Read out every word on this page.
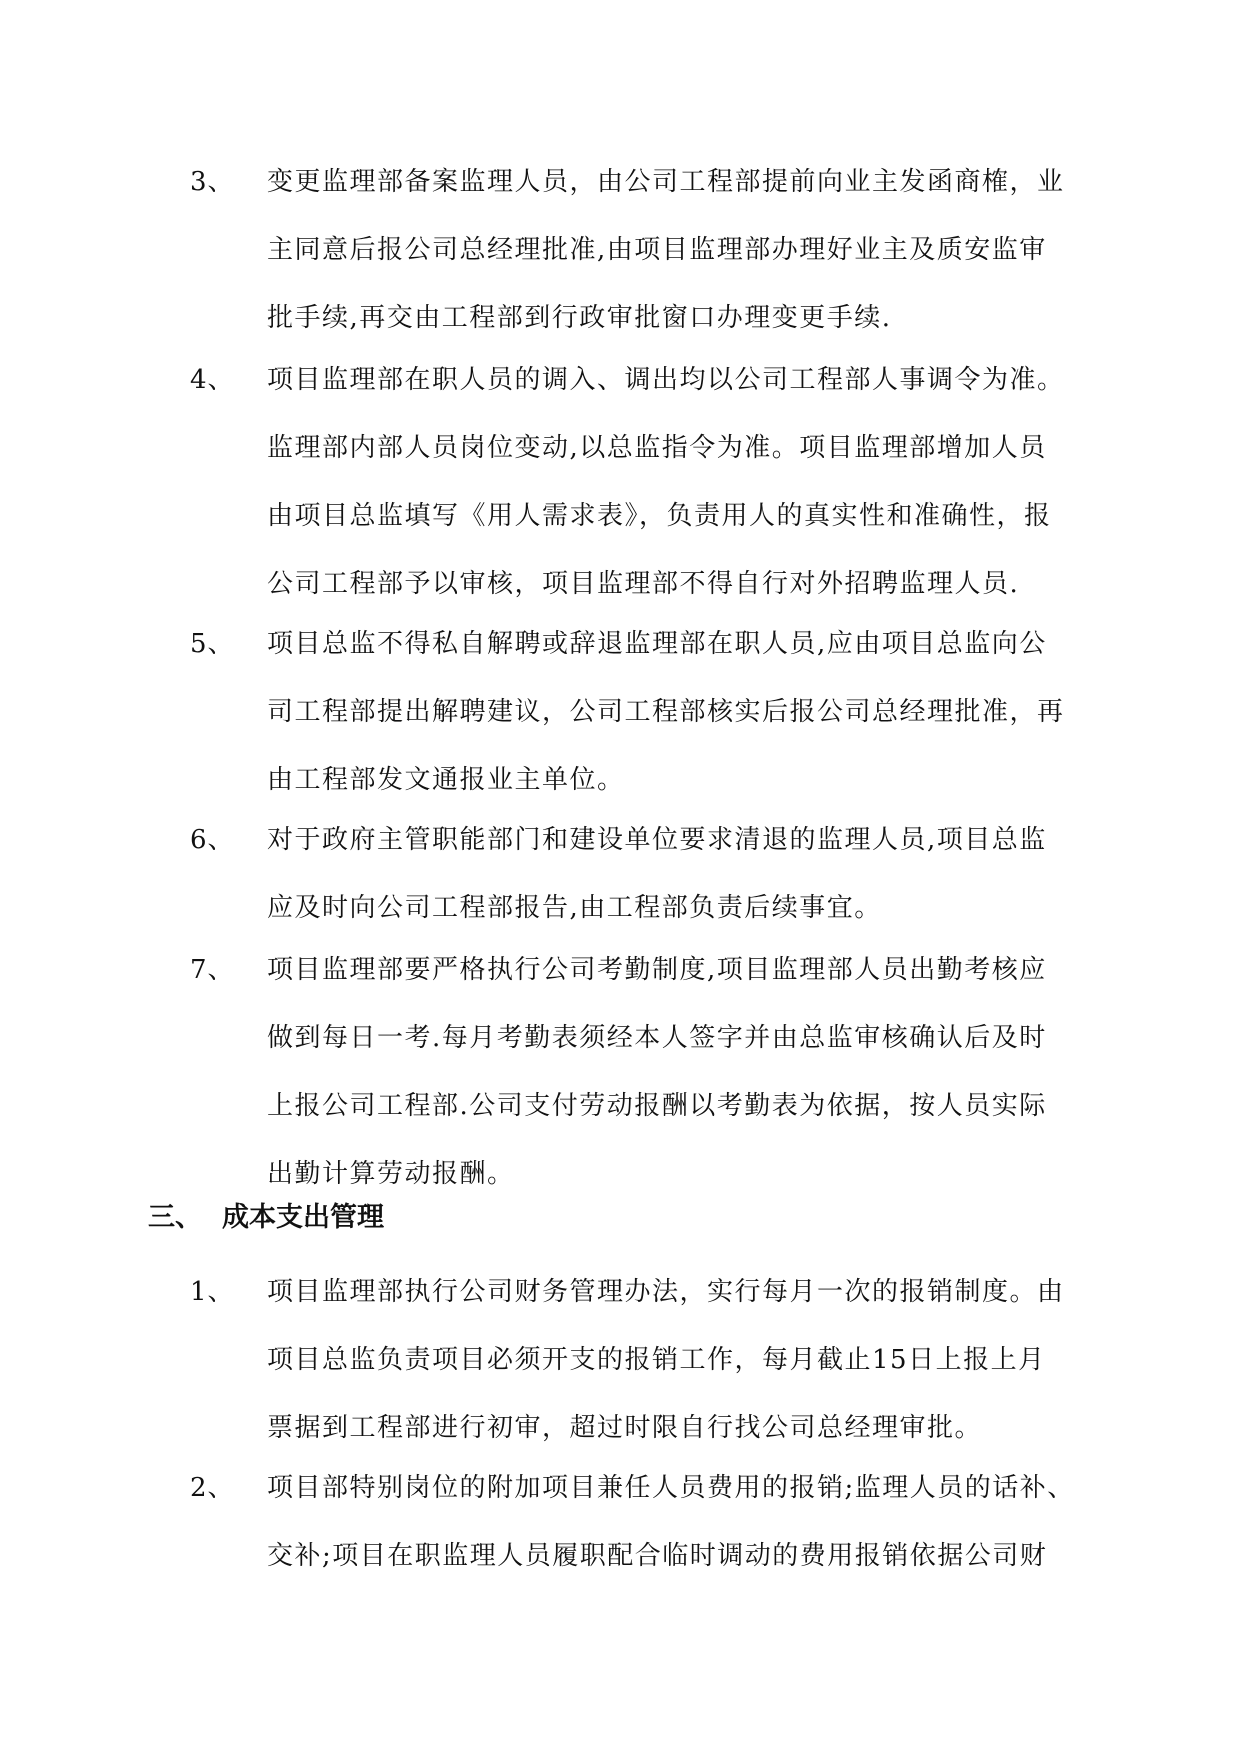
3、 变更监理部备案监理人员，由公司工程部提前向业主发函商榷，业
主同意后报公司总经理批准,由项目监理部办理好业主及质安监审
批手续,再交由工程部到行政审批窗口办理变更手续.
4、 项目监理部在职人员的调入、调出均以公司工程部人事调令为准。
监理部内部人员岗位变动,以总监指令为准。项目监理部增加人员
由项目总监填写《用人需求表》，负责用人的真实性和准确性，报
公司工程部予以审核，项目监理部不得自行对外招聘监理人员.
5、 项目总监不得私自解聘或辞退监理部在职人员,应由项目总监向公
司工程部提出解聘建议，公司工程部核实后报公司总经理批准，再
由工程部发文通报业主单位。
6、 对于政府主管职能部门和建设单位要求清退的监理人员,项目总监
应及时向公司工程部报告,由工程部负责后续事宜。
7、 项目监理部要严格执行公司考勤制度,项目监理部人员出勤考核应
做到每日一考.每月考勤表须经本人签字并由总监审核确认后及时
上报公司工程部.公司支付劳动报酬以考勤表为依据，按人员实际
出勤计算劳动报酬。
三、 成本支出管理
1、 项目监理部执行公司财务管理办法，实行每月一次的报销制度。由
项目总监负责项目必须开支的报销工作，每月截止15日上报上月
票据到工程部进行初审，超过时限自行找公司总经理审批。
2、 项目部特别岗位的附加项目兼任人员费用的报销;监理人员的话补、
交补;项目在职监理人员履职配合临时调动的费用报销依据公司财
